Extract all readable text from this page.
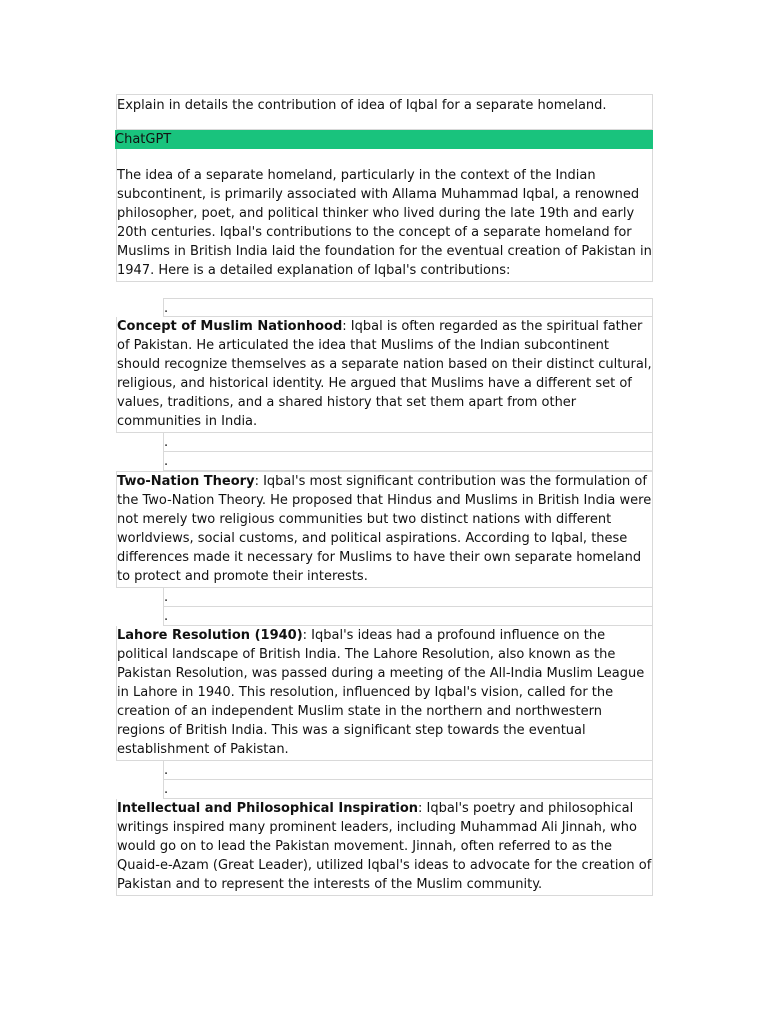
Explain in details the contribution of idea of Iqbal for a separate homeland.
ChatGPT
The idea of a separate homeland, particularly in the context of the Indian subcontinent, is primarily associated with Allama Muhammad Iqbal, a renowned philosopher, poet, and political thinker who lived during the late 19th and early 20th centuries. Iqbal's contributions to the concept of a separate homeland for Muslims in British India laid the foundation for the eventual creation of Pakistan in 1947. Here is a detailed explanation of Iqbal's contributions:
.
Concept of Muslim Nationhood: Iqbal is often regarded as the spiritual father of Pakistan. He articulated the idea that Muslims of the Indian subcontinent should recognize themselves as a separate nation based on their distinct cultural, religious, and historical identity. He argued that Muslims have a different set of values, traditions, and a shared history that set them apart from other communities in India.
.
.
Two-Nation Theory: Iqbal's most significant contribution was the formulation of the Two-Nation Theory. He proposed that Hindus and Muslims in British India were not merely two religious communities but two distinct nations with different worldviews, social customs, and political aspirations. According to Iqbal, these differences made it necessary for Muslims to have their own separate homeland to protect and promote their interests.
.
.
Lahore Resolution (1940): Iqbal's ideas had a profound influence on the political landscape of British India. The Lahore Resolution, also known as the Pakistan Resolution, was passed during a meeting of the All-India Muslim League in Lahore in 1940. This resolution, influenced by Iqbal's vision, called for the creation of an independent Muslim state in the northern and northwestern regions of British India. This was a significant step towards the eventual establishment of Pakistan.
.
.
Intellectual and Philosophical Inspiration: Iqbal's poetry and philosophical writings inspired many prominent leaders, including Muhammad Ali Jinnah, who would go on to lead the Pakistan movement. Jinnah, often referred to as the Quaid-e-Azam (Great Leader), utilized Iqbal's ideas to advocate for the creation of Pakistan and to represent the interests of the Muslim community.
